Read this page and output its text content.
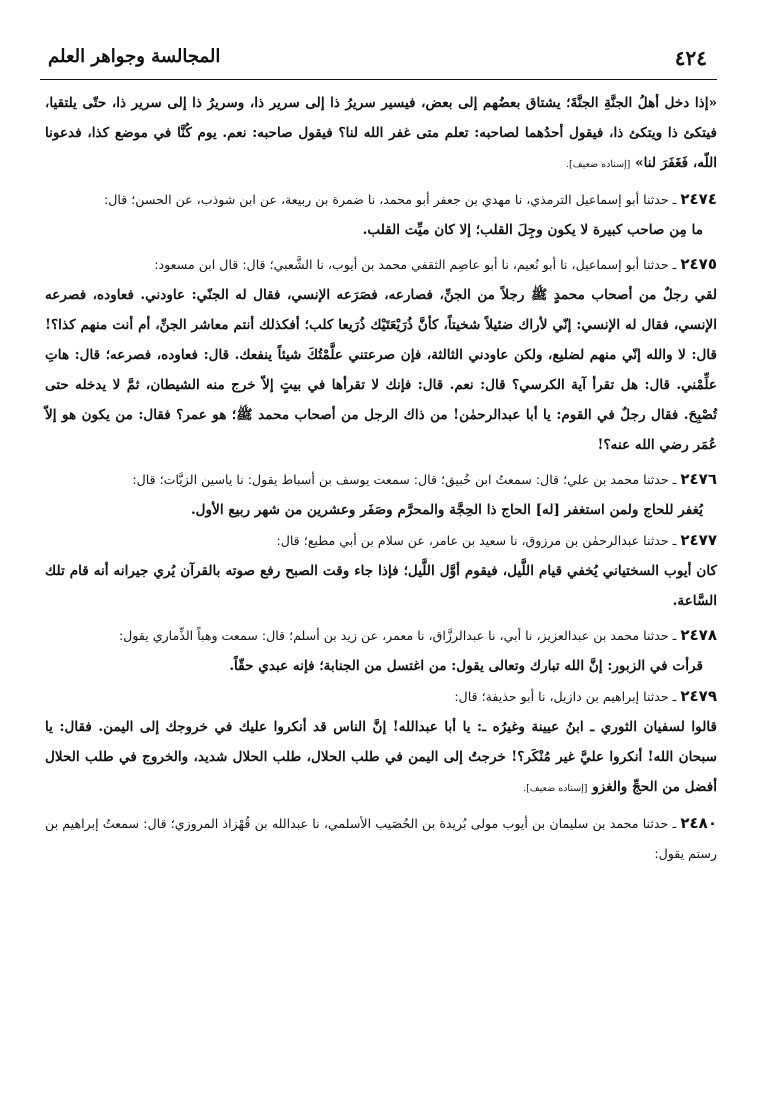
٤٢٤
المجالسة وجواهر العلم

«إذا دخل أهلُ الجنَّةِ الجنَّةَ؛ يشتاق بعضُهم إلى بعض، فيسير سريرُ ذا إلى سرير ذا، وسريرُ ذا إلى سرير ذا، حتّى يلتقيا، فيتكئ ذا ويتكئ ذا، فيقول أحدُهما لصاحبه: تعلم متى غفر الله لنا؟ فيقول صاحبه: نعم. يوم كُنَّا في موضع كذا، فدعونا اللّه، فَغَفَرَ لنا» [إسناده ضعيف].

٢٤٧٤ ـ حدثنا أبو إسماعيل الترمذي، نا مهدي بن جعفر أبو محمد، نا ضمرة بن ربيعة، عن ابن شوذب، عن الحسن؛ قال:

ما مِن صاحب كبيرة لا يكون وجِلَ القلب؛ إلا كان ميِّت القلب.

٢٤٧٥ ـ حدثنا أبو إسماعيل، نا أبو نُعيم، نا أبو عاصِم الثقفي محمد بن أيوب، نا الشَّعبي؛ قال: قال ابن مسعود:

لقي رجلٌ من أصحاب محمدٍ ﷺ رجلاً من الجنِّ، فصارعه، فصَرَعه الإنسي، فقال له الجنّي: عاودني. فعاوده، فصرعه الإنسي، فقال له الإنسي: إنّي لأراك ضئيلاً شخيتاً، كأنَّ ذُرَيْعَتَيْك ذُرَيعا كلب؛ أفكذلك أنتم معاشر الجنِّ، أم أنت منهم كذا؟! قال: لا والله إنّي منهم لضليع، ولكن عاودني الثالثة، فإن صرعتني علَّمْتُكَ شيئاً ينفعك. قال: فعاوده، فصرعه؛ قال: هاتِ علِّمْني. قال: هل تقرأ آية الكرسي؟ قال: نعم. قال: فإنك لا تقرأها في بيتٍ إلاّ خرج منه الشيطان، ثمَّ لا يدخله حتى تُصْبِحَ. فقال رجلٌ في القوم: يا أبا عبدالرحمٰن! من ذاك الرجل من أصحاب محمد ﷺ؛ هو عمر؟ فقال: من يكون هو إلاّ عُمَر رضي الله عنه؟!

٢٤٧٦ ـ حدثنا محمد بن علي؛ قال: سمعتُ ابن خُبيق؛ قال: سمعت يوسف بن أسباط يقول: نا ياسين الزيَّات؛ قال:

يُغفر للحاج ولمن استغفر [له] الحاج ذا الحِجَّة والمحرَّم وصَفَر وعشرين من شهر ربيع الأول.

٢٤٧٧ ـ حدثنا عبدالرحمٰن بن مرزوق، نا سعيد بن عامر، عن سلام بن أبي مطيع؛ قال:

كان أيوب السختياني يُخفي قيام اللَّيل، فيقوم أوَّل اللَّيل؛ فإذا جاء وقت الصبح رفع صوته بالقرآن يُري جيرانه أنه قام تلك السَّاعة.

٢٤٧٨ ـ حدثنا محمد بن عبدالعزيز، نا أبي، نا عبدالرزَّاق، نا معمر، عن زيد بن أسلم؛ قال: سمعت وهباً الذِّماري يقول:

قرأت في الزبور: إنَّ الله تبارك وتعالى يقول: من اغتسل من الجنابة؛ فإنه عبدي حقّاً.

٢٤٧٩ ـ حدثنا إبراهيم بن دازيل، نا أبو حذيفة؛ قال:

قالوا لسفيان الثوري ـ ابنُ عيينة وغيرُه ـ: يا أبا عبدالله! إنَّ الناس قد أنكروا عليك في خروجك إلى اليمن. فقال: يا سبحان الله! أنكروا عليَّ غير مُنْكَر؟! خرجتُ إلى اليمن في طلب الحلال، طلب الحلال شديد، والخروج في طلب الحلال أفضل من الحجِّ والغزو [إسناده ضعيف].

٢٤٨٠ ـ حدثنا محمد بن سليمان بن أيوب مولى بُريدة بن الحُصَيب الأسلمي، نا عبدالله بن قُهْزاذ المروزي؛ قال: سمعتُ إبراهيم بن رستم يقول:
